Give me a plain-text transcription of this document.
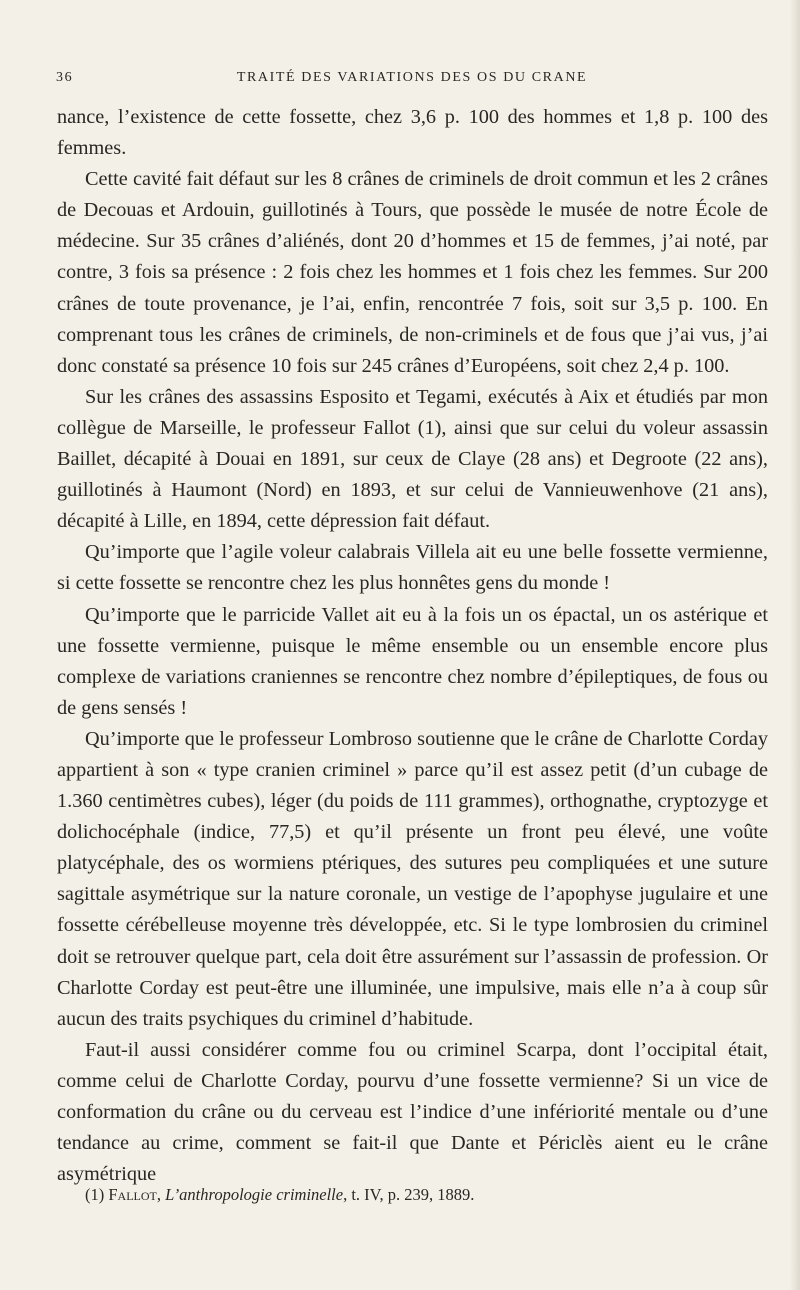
36	TRAITÉ DES VARIATIONS DES OS DU CRANE

nance, l’existence de cette fossette, chez 3,6 p. 100 des hommes et 1,8 p. 100 des femmes.

Cette cavité fait défaut sur les 8 crânes de criminels de droit commun et les 2 crânes de Decouas et Ardouin, guillotinés à Tours, que possède le musée de notre École de médecine. Sur 35 crânes d’aliénés, dont 20 d’hommes et 15 de femmes, j’ai noté, par contre, 3 fois sa présence : 2 fois chez les hommes et 1 fois chez les femmes. Sur 200 crânes de toute provenance, je l’ai, enfin, rencontrée 7 fois, soit sur 3,5 p. 100. En comprenant tous les crânes de criminels, de non-criminels et de fous que j’ai vus, j’ai donc constaté sa présence 10 fois sur 245 crânes d’Européens, soit chez 2,4 p. 100.

Sur les crânes des assassins Esposito et Tegami, exécutés à Aix et étudiés par mon collègue de Marseille, le professeur Fallot (1), ainsi que sur celui du voleur assassin Baillet, décapité à Douai en 1891, sur ceux de Claye (28 ans) et Degroote (22 ans), guillotinés à Haumont (Nord) en 1893, et sur celui de Vannieuwenhove (21 ans), décapité à Lille, en 1894, cette dépression fait défaut.

Qu’importe que l’agile voleur calabrais Villela ait eu une belle fossette vermienne, si cette fossette se rencontre chez les plus honnêtes gens du monde !

Qu’importe que le parricide Vallet ait eu à la fois un os épactal, un os astérique et une fossette vermienne, puisque le même ensemble ou un ensemble encore plus complexe de variations craniennes se rencontre chez nombre d’épileptiques, de fous ou de gens sensés !

Qu’importe que le professeur Lombroso soutienne que le crâne de Charlotte Corday appartient à son « type cranien criminel » parce qu’il est assez petit (d’un cubage de 1.360 centimètres cubes), léger (du poids de 111 grammes), orthognathe, cryptozyge et dolichocéphale (indice, 77,5) et qu’il présente un front peu élevé, une voûte platycéphale, des os wormiens ptériques, des sutures peu compliquées et une suture sagittale asymétrique sur la nature coronale, un vestige de l’apophyse jugulaire et une fossette cérébelleuse moyenne très développée, etc. Si le type lombrosien du criminel doit se retrouver quelque part, cela doit être assurément sur l’assassin de profession. Or Charlotte Corday est peut-être une illuminée, une impulsive, mais elle n’a à coup sûr aucun des traits psychiques du criminel d’habitude.

Faut-il aussi considérer comme fou ou criminel Scarpa, dont l’occipital était, comme celui de Charlotte Corday, pourvu d’une fossette vermienne? Si un vice de conformation du crâne ou du cerveau est l’indice d’une infériorité mentale ou d’une tendance au crime, comment se fait-il que Dante et Périclès aient eu le crâne asymétrique

(1) Fallot, L’anthropologie criminelle, t. IV, p. 239, 1889.
